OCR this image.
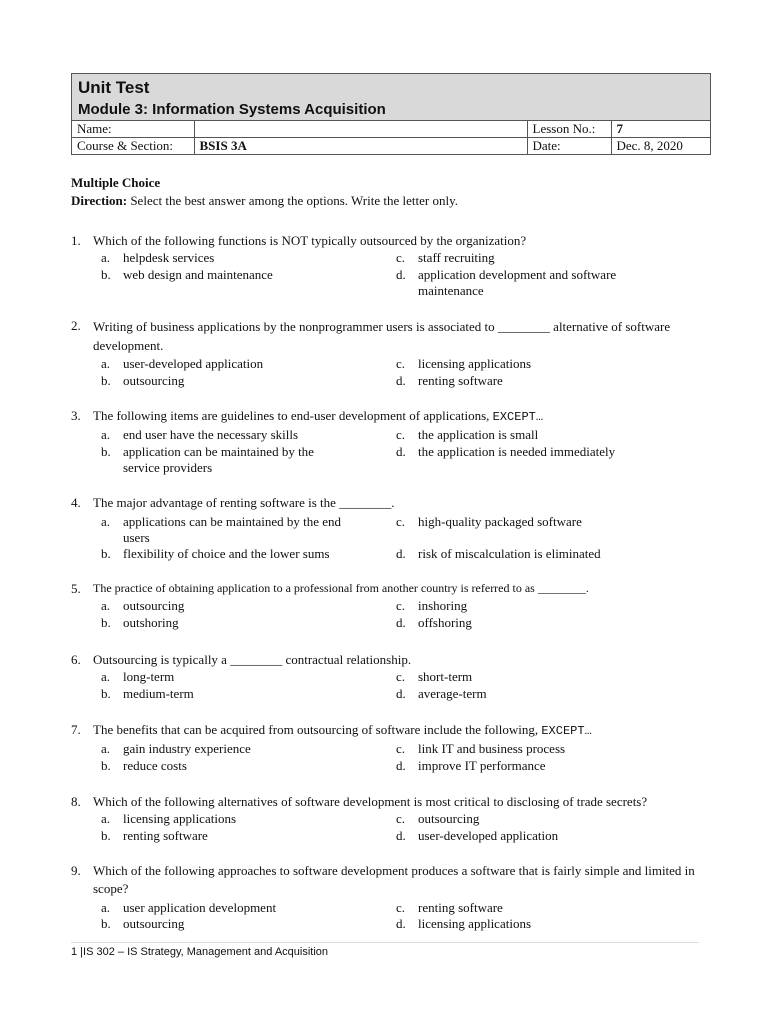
Unit Test
Module 3: Information Systems Acquisition
Name:		Lesson No.:	7
Course & Section:	BSIS 3A	Date:	Dec. 8, 2020
Multiple Choice
Direction: Select the best answer among the options. Write the letter only.
1. Which of the following functions is NOT typically outsourced by the organization?
a. helpdesk services
b. web design and maintenance
c. staff recruiting
d. application development and software maintenance
2. Writing of business applications by the nonprogrammer users is associated to ________ alternative of software development.
a. user-developed application
b. outsourcing
c. licensing applications
d. renting software
3. The following items are guidelines to end-user development of applications, EXCEPT…
a. end user have the necessary skills
b. application can be maintained by the service providers
c. the application is small
d. the application is needed immediately
4. The major advantage of renting software is the ________.
a. applications can be maintained by the end users
b. flexibility of choice and the lower sums
c. high-quality packaged software
d. risk of miscalculation is eliminated
5. The practice of obtaining application to a professional from another country is referred to as ________.
a. outsourcing
b. outshoring
c. inshoring
d. offshoring
6. Outsourcing is typically a ________ contractual relationship.
a. long-term
b. medium-term
c. short-term
d. average-term
7. The benefits that can be acquired from outsourcing of software include the following, EXCEPT…
a. gain industry experience
b. reduce costs
c. link IT and business process
d. improve IT performance
8. Which of the following alternatives of software development is most critical to disclosing of trade secrets?
a. licensing applications
b. renting software
c. outsourcing
d. user-developed application
9. Which of the following approaches to software development produces a software that is fairly simple and limited in scope?
a. user application development
b. outsourcing
c. renting software
d. licensing applications
1 |IS 302 – IS Strategy, Management and Acquisition
